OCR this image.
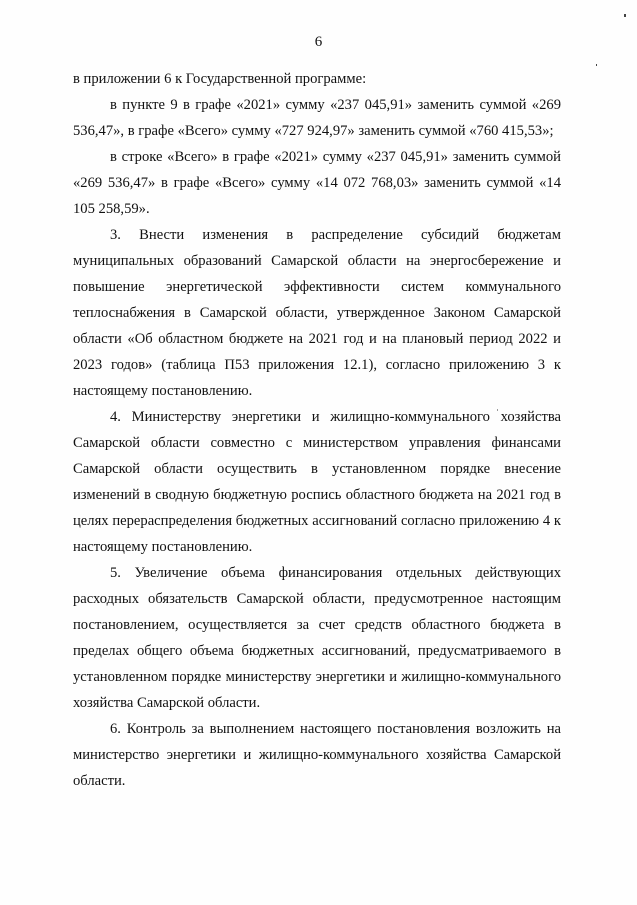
6

в приложении 6 к Государственной программе:

в пункте 9 в графе «2021» сумму «237 045,91» заменить суммой «269 536,47», в графе «Всего» сумму «727 924,97» заменить суммой «760 415,53»;

в строке «Всего» в графе «2021» сумму «237 045,91» заменить суммой «269 536,47» в графе «Всего» сумму «14 072 768,03» заменить суммой «14 105 258,59».

3. Внести изменения в распределение субсидий бюджетам муниципальных образований Самарской области на энергосбережение и повышение энергетической эффективности систем коммунального теплоснабжения в Самарской области, утвержденное Законом Самарской области «Об областном бюджете на 2021 год и на плановый период 2022 и 2023 годов» (таблица П53 приложения 12.1), согласно приложению 3 к настоящему постановлению.

4. Министерству энергетики и жилищно-коммунального хозяйства Самарской области совместно с министерством управления финансами Самарской области осуществить в установленном порядке внесение изменений в сводную бюджетную роспись областного бюджета на 2021 год в целях перераспределения бюджетных ассигнований согласно приложению 4 к настоящему постановлению.

5. Увеличение объема финансирования отдельных действующих расходных обязательств Самарской области, предусмотренное настоящим постановлением, осуществляется за счет средств областного бюджета в пределах общего объема бюджетных ассигнований, предусматриваемого в установленном порядке министерству энергетики и жилищно-коммунального хозяйства Самарской области.

6. Контроль за выполнением настоящего постановления возложить на министерство энергетики и жилищно-коммунального хозяйства Самарской области.
